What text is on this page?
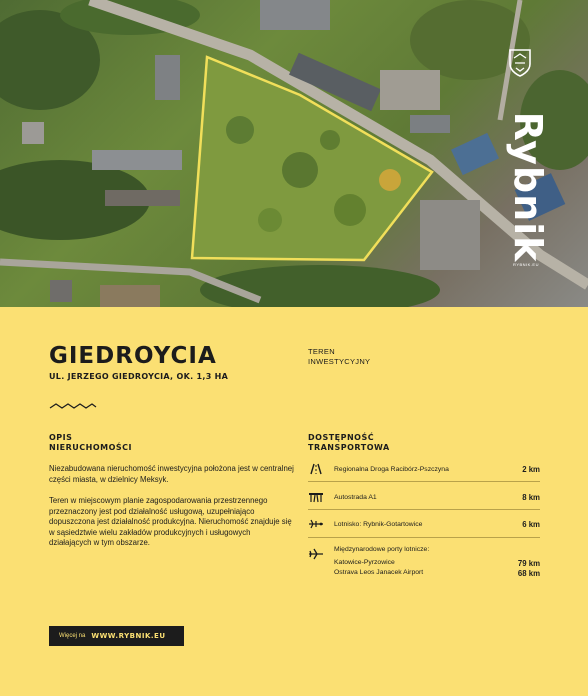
Rybnik
RYBNIK.EU
GIEDROYCIA
UL. JERZEGO GIEDROYCIA, OK. 1,3 HA
TEREN
INWESTYCYJNY
OPIS
NIERUCHOMOŚCI

Niezabudowana nieruchomość inwestycyjna położona jest w centralnej części miasta, w dzielnicy Meksyk.

Teren w miejscowym planie zagospodarowania przestrzennego przeznaczony jest pod działalność usługową, uzupełniająco dopuszczona jest działalność produkcyjna. Nieruchomość znajduje się w sąsiedztwie wielu zakładów produkcyjnych i usługowych działających w tym obszarze.

DOSTĘPNOŚĆ
TRANSPORTOWA
Regionalna Droga Racibórz-Pszczyna	2 km
Autostrada A1	8 km
Lotnisko: Rybnik-Gotartowice	6 km
Międzynarodowe porty lotnicze:
Katowice-Pyrzowice	79 km
Ostrava Leos Janacek Airport	68 km
Więcej na WWW.RYBNIK.EU
